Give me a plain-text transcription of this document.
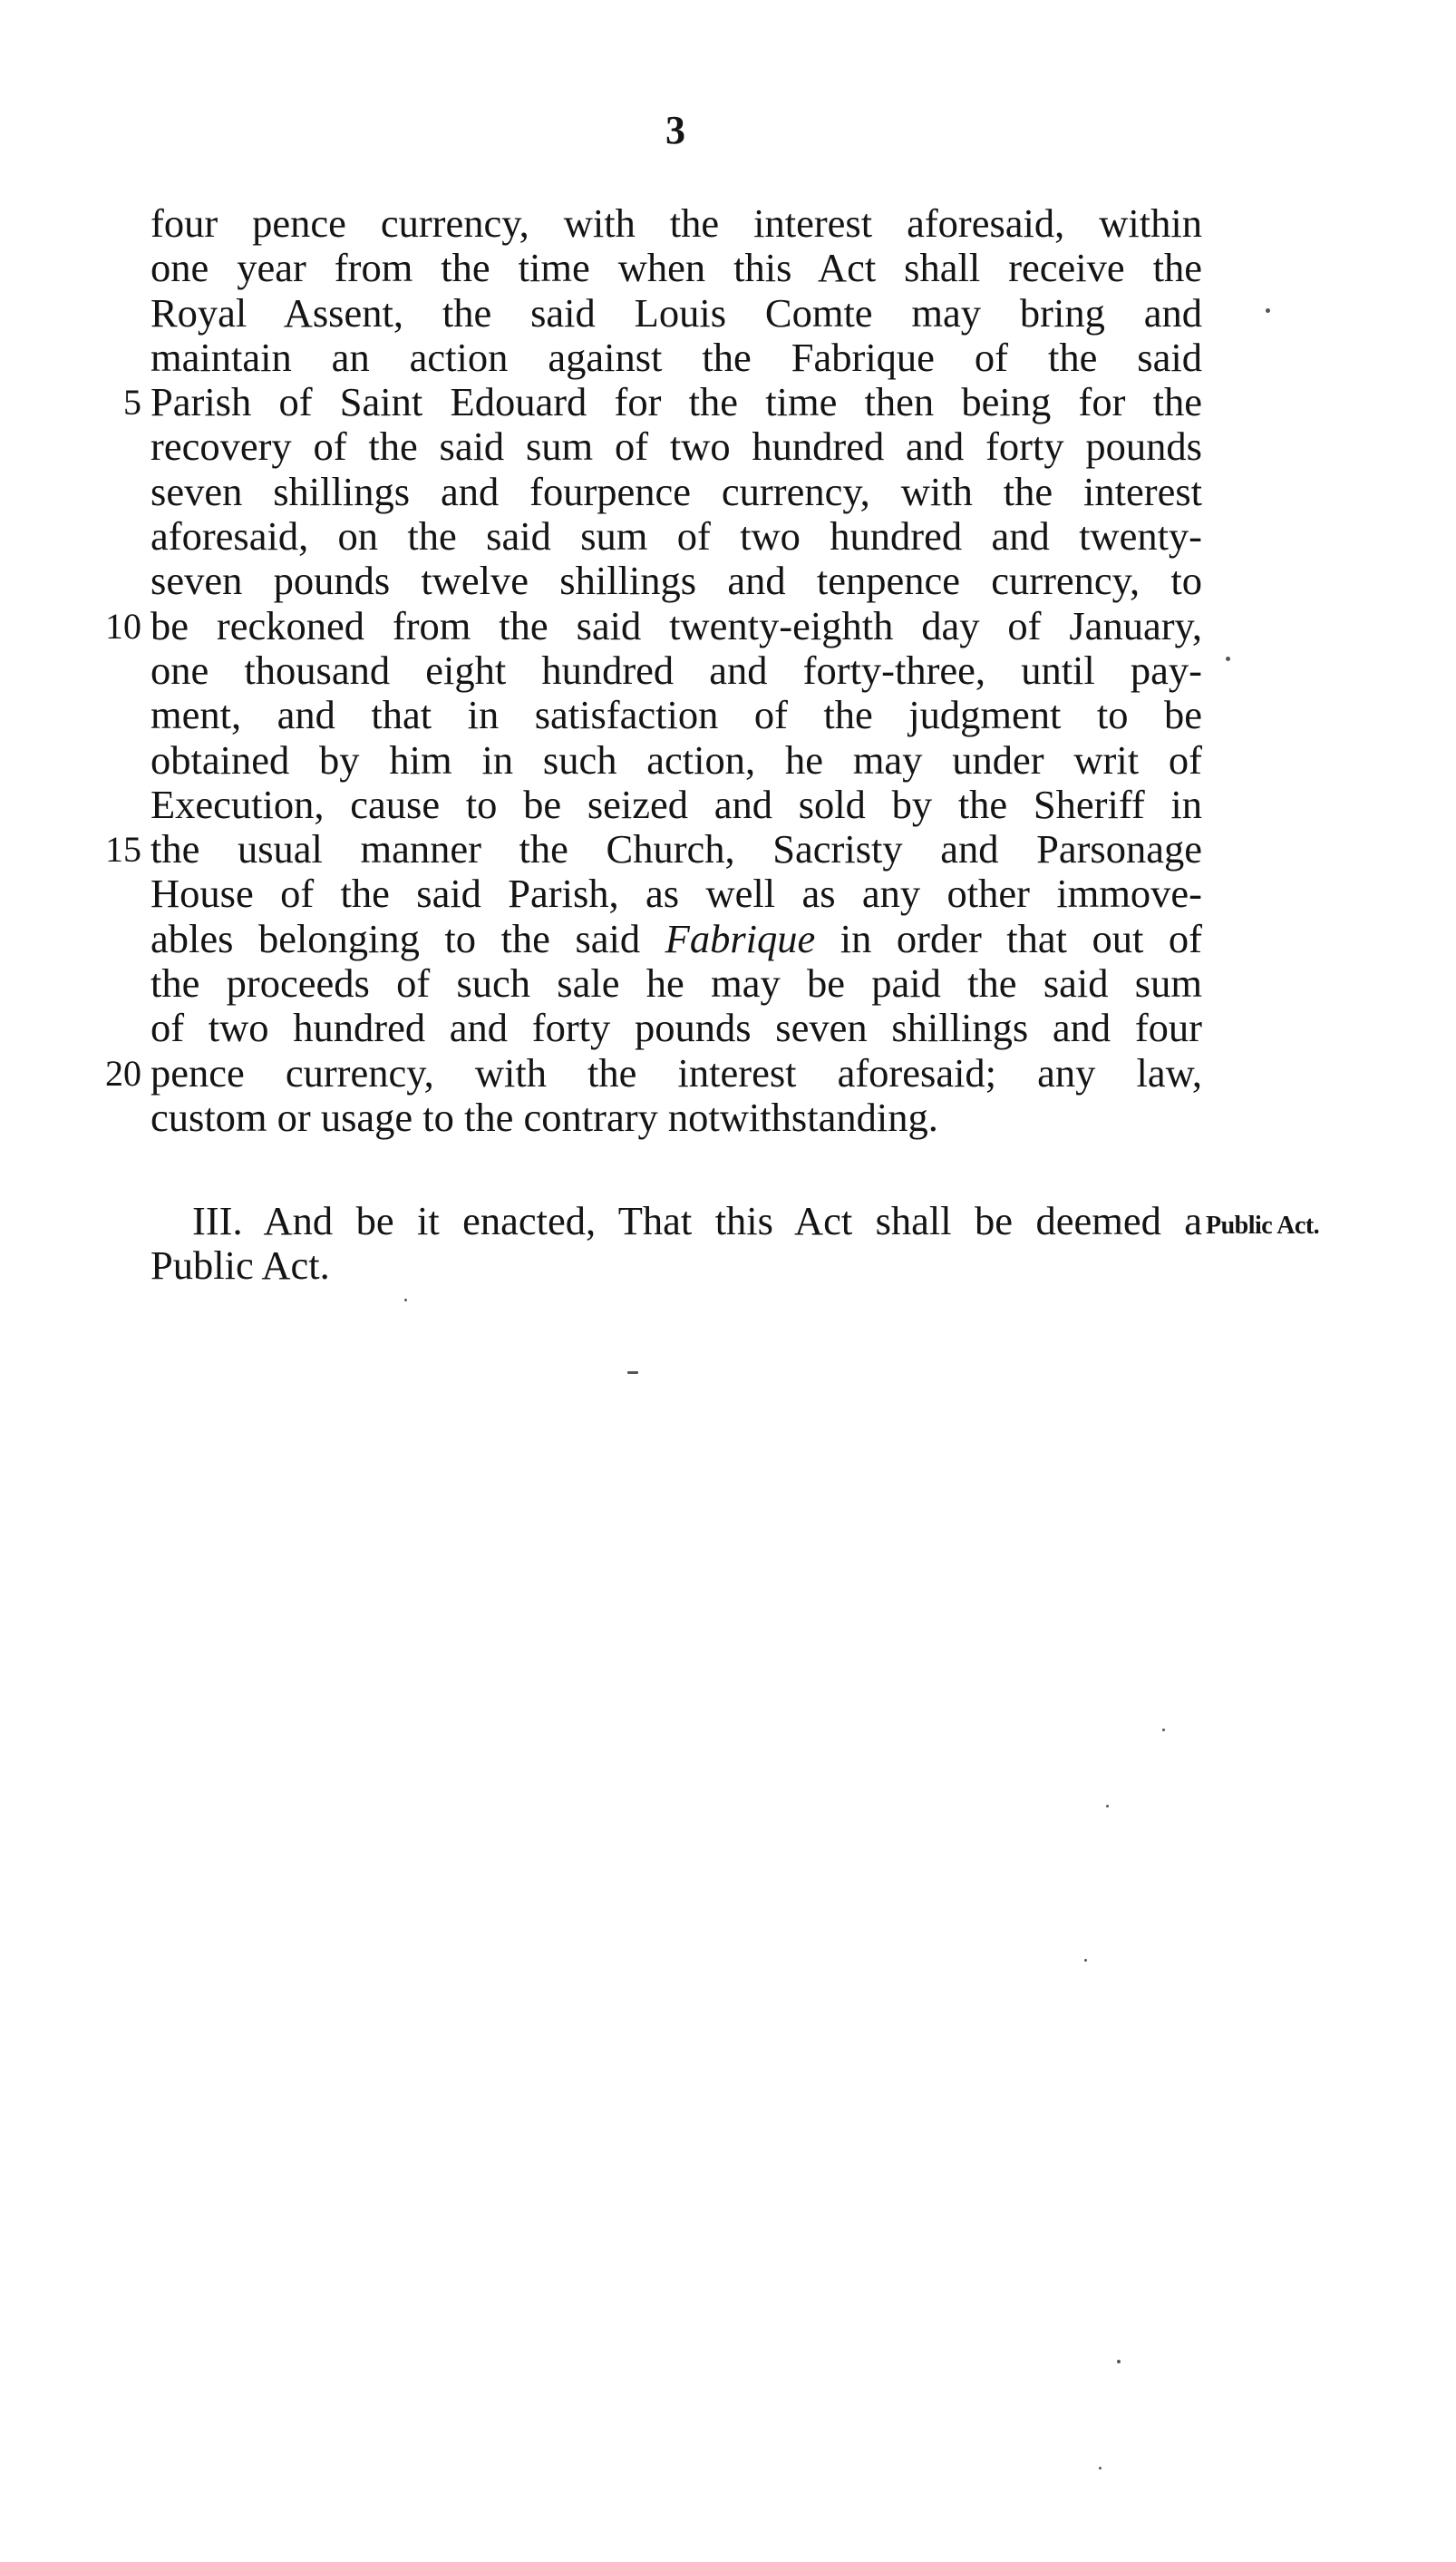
3
four pence currency, with the interest aforesaid, within
one year from the time when this Act shall receive the
Royal Assent, the said Louis Comte may bring and
maintain an action against the Fabrique of the said
5 Parish of Saint Edouard for the time then being for the
recovery of the said sum of two hundred and forty pounds
seven shillings and fourpence currency, with the interest
aforesaid, on the said sum of two hundred and twenty-
seven pounds twelve shillings and tenpence currency, to
10 be reckoned from the said twenty-eighth day of January,
one thousand eight hundred and forty-three, until pay-
ment, and that in satisfaction of the judgment to be
obtained by him in such action, he may under writ of
Execution, cause to be seized and sold by the Sheriff in
15 the usual manner the Church, Sacristy and Parsonage
House of the said Parish, as well as any other immove-
ables belonging to the said Fabrique in order that out of
the proceeds of such sale he may be paid the said sum
of two hundred and forty pounds seven shillings and four
20 pence currency, with the interest aforesaid; any law,
custom or usage to the contrary notwithstanding.
III. And be it enacted, That this Act shall be deemed a
Public Act.
Public Act.
